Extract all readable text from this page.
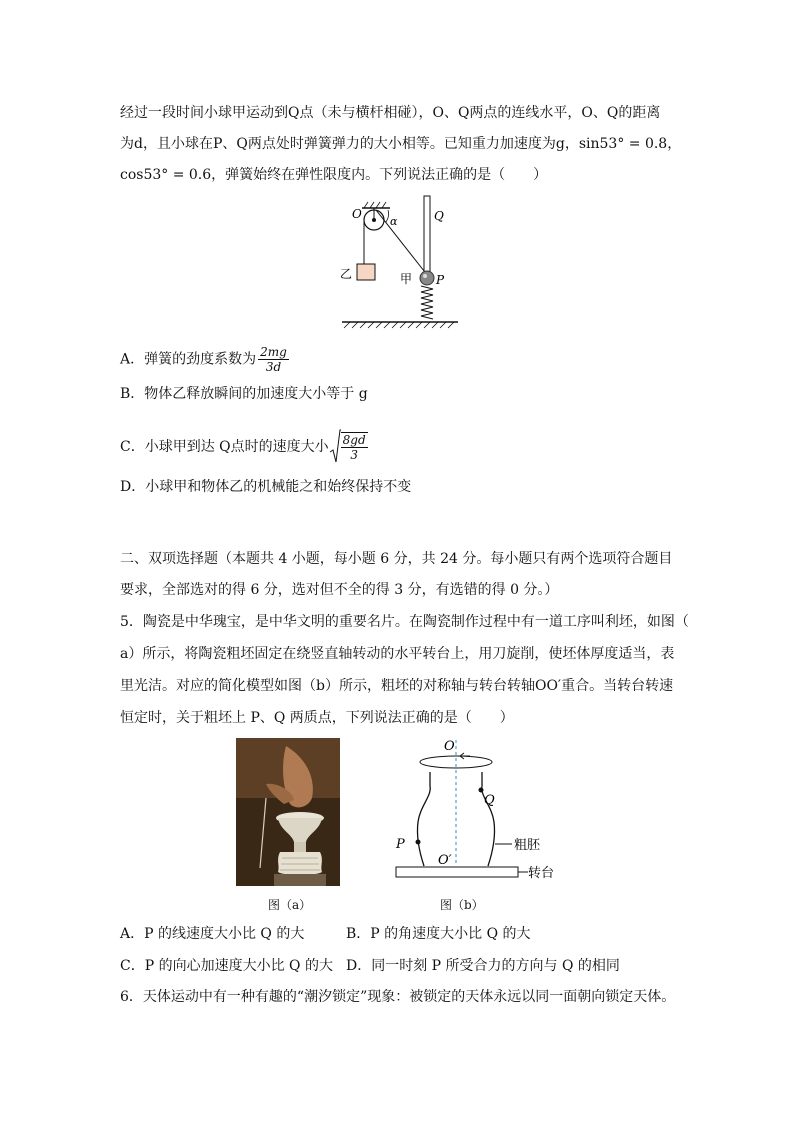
经过一段时间小球甲运动到Q点（未与横杆相碰），O、Q两点的连线水平，O、Q的距离
为d，且小球在P、Q两点处时弹簧弹力的大小相等。已知重力加速度为g，sin53° = 0.8，
cos53° = 0.6，弹簧始终在弹性限度内。下列说法正确的是（　　）
O
α	Q
乙	甲 P
A．弹簧的劲度系数为 $\frac{2mg}{3d}$
B．物体乙释放瞬间的加速度大小等于 g
C．小球甲到达 Q点时的速度大小 $\frac{8gd}{3}$
D．小球甲和物体乙的机械能之和始终保持不变
二、双项选择题（本题共 4 小题，每小题 6 分，共 24 分。每小题只有两个选项符合题目
要求，全部选对的得 6 分，选对但不全的得 3 分，有选错的得 0 分。）
5．陶瓷是中华瑰宝，是中华文明的重要名片。在陶瓷制作过程中有一道工序叫利坯，如图（
a）所示，将陶瓷粗坯固定在绕竖直轴转动的水平转台上，用刀旋削，使坯体厚度适当，表
里光洁。对应的简化模型如图（b）所示，粗坯的对称轴与转台转轴OO′重合。当转台转速
恒定时，关于粗坯上 P、Q 两质点，下列说法正确的是（　　）
图（a）
O
Q
P
O′
粗胚
转台
图（b）
A．P 的线速度大小比 Q 的大	B．P 的角速度大小比 Q 的大
C．P 的向心加速度大小比 Q 的大 D．同一时刻 P 所受合力的方向与 Q 的相同
6．天体运动中有一种有趣的“潮汐锁定”现象：被锁定的天体永远以同一面朝向锁定天体。
